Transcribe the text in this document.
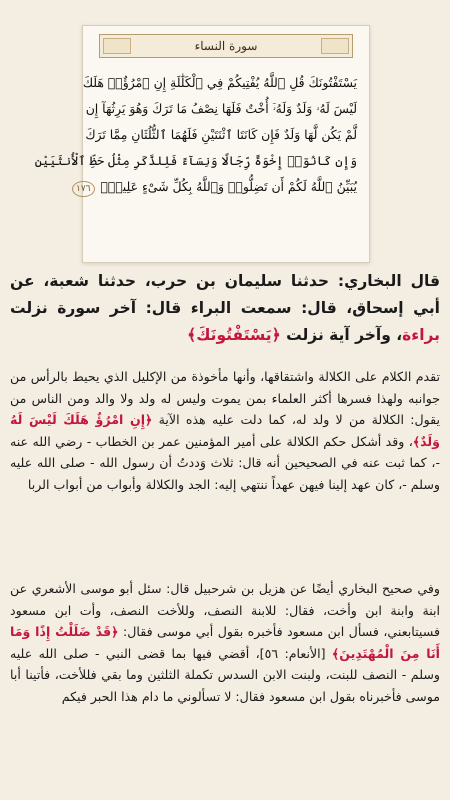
سورة النساء
يَسْتَفْتُونَكَ قُلِ ٱللَّهُ يُفْتِيكُمْ فِي ٱلْكَلَٰلَةِ إِنِ ٱمْرُؤٌا۟ هَلَكَ
لَيْسَ لَهُۥ وَلَدٌ وَلَهُۥٓ أُخْتٌ فَلَهَا نِصْفُ مَا تَرَكَ وَهُوَ يَرِثُهَآ إِن
لَّمْ يَكُن لَّهَا وَلَدٌ فَإِن كَانَتَا ٱثْنَتَيْنِ فَلَهُمَا ٱلثُّلُثَانِ مِمَّا تَرَكَ
وَإِن كَانُوٓا۟ إِخْوَةً رِّجَالًا وَنِسَآءً فَلِلذَّكَرِ مِثْلُ حَظِّ ٱلْأُنثَيَيْنِ
يُبَيِّنُ ٱللَّهُ لَكُمْ أَن تَضِلُّوا۟ وَٱللَّهُ بِكُلِّ شَىْءٍ عَلِيمٌۢ ١٧٦
قال البخاري: حدثنا سليمان بن حرب، حدثنا شعبة، عن أبي إسحاق، قال: سمعت البراء قال: آخر سورة نزلت براءة، وآخر آية نزلت ﴿يَسْتَفْتُونَكَ﴾
تقدم الكلام على الكلالة واشتقاقها، وأنها مأخوذة من الإكليل الذي يحيط بالرأس من جوانبه ولهذا فسرها أكثر العلماء بمن يموت وليس له ولد ولا والد ومن الناس من يقول: الكلالة من لا ولد له، كما دلت عليه هذه الآية ﴿إِنِ امْرُؤٌ هَلَكَ لَيْسَ لَهُ وَلَدٌ﴾، وقد أشكل حكم الكلالة على أمير المؤمنين عمر بن الخطاب - رضي الله عنه -، كما ثبت عنه في الصحيحين أنه قال: ثلاث وَددتُ أن رسول الله - صلى الله عليه وسلم -، كان عهد إلينا فيهن عهداً ننتهي إليه: الجد والكلالة وأبواب من أبواب الربا
وفي صحيح البخاري أيضًا عن هزيل بن شرحبيل قال: سئل أبو موسى الأشعري عن ابنة وابنة ابن وأخت، فقال: للابنة النصف، وللأخت النصف، وأت ابن مسعود فسيتابعني، فسأل ابن مسعود فأخبره بقول أبي موسى فقال: ﴿قَدْ ضَلَلْتُ إِذًا وَمَا أَنَا مِنَ الْمُهْتَدِينَ﴾ [الأنعام: ٥٦]، أقضي فيها بما قضى النبي - صلى الله عليه وسلم - النصف للبنت، ولبنت الابن السدس تكملة الثلثين وما بقي فللأخت، فأتينا أبا موسى فأخبرناه بقول ابن مسعود فقال: لا تسألوني ما دام هذا الحبر فيكم
